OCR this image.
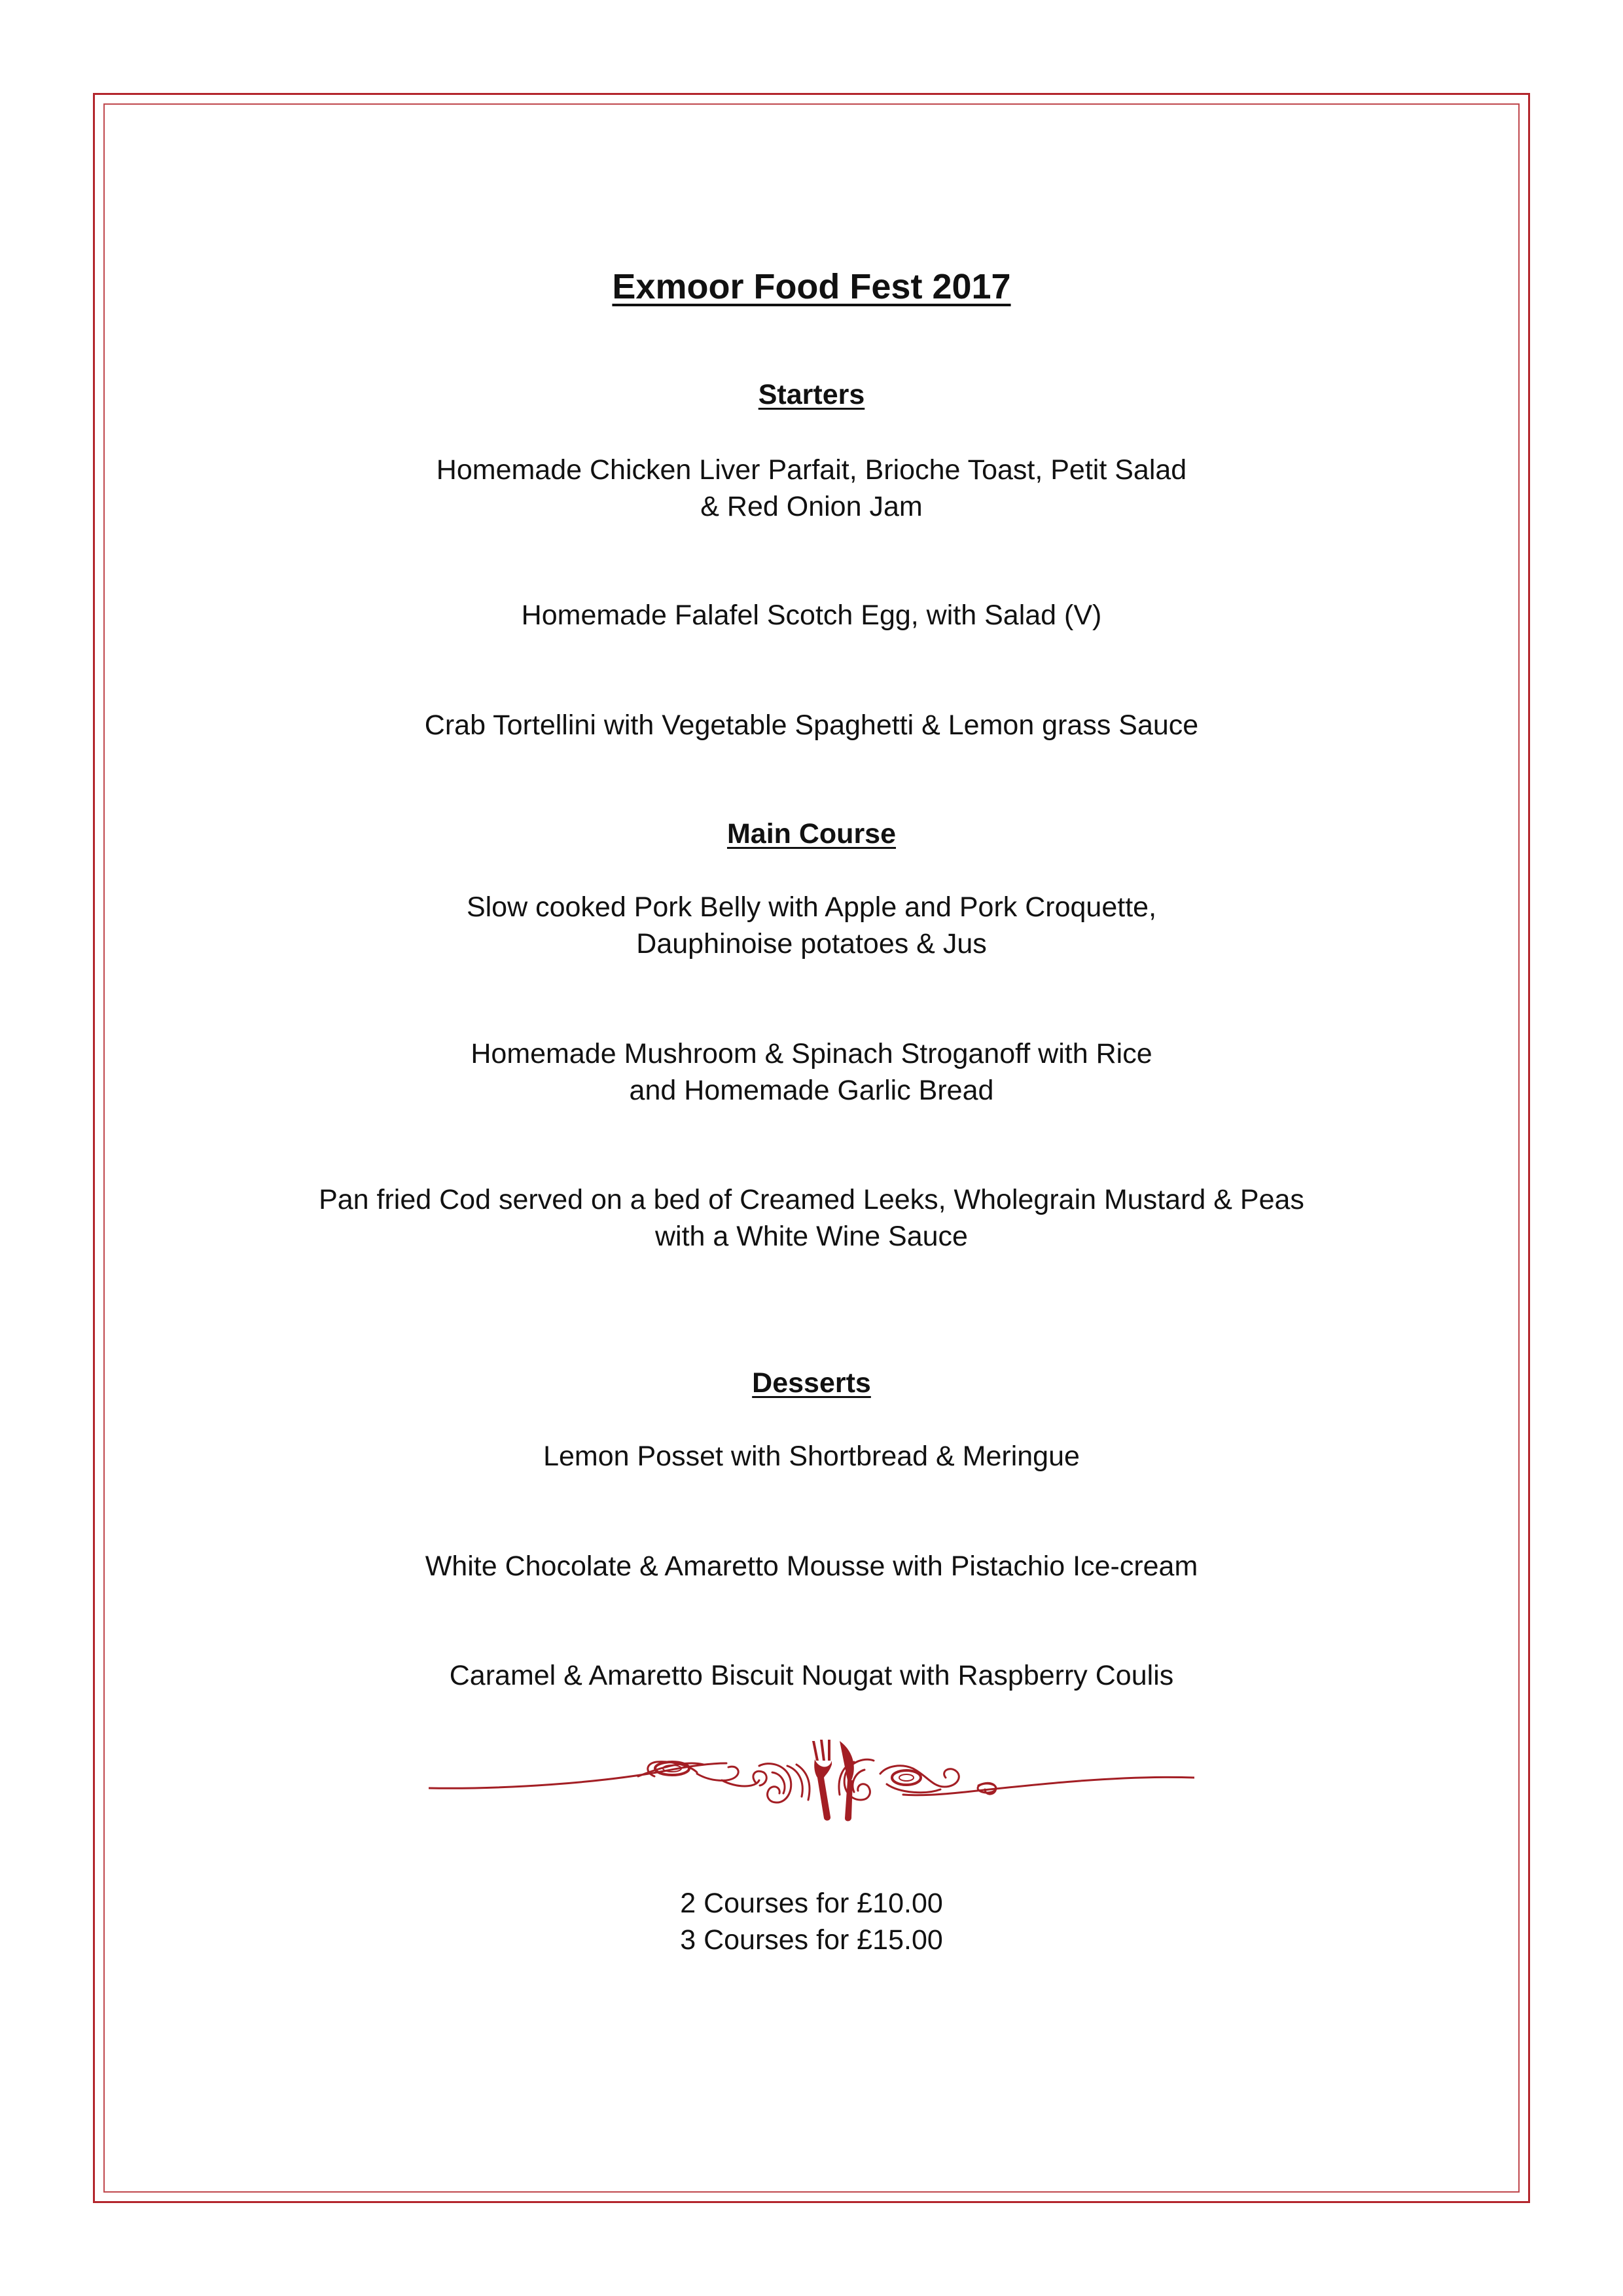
Exmoor Food Fest 2017
Starters
Homemade Chicken Liver Parfait, Brioche Toast, Petit Salad
& Red Onion Jam
Homemade Falafel Scotch Egg, with Salad (V)
Crab Tortellini with Vegetable Spaghetti & Lemon grass Sauce
Main Course
Slow cooked Pork Belly with Apple and Pork Croquette,
Dauphinoise potatoes & Jus
Homemade Mushroom & Spinach Stroganoff with Rice
and Homemade Garlic Bread
Pan fried Cod served on a bed of Creamed Leeks, Wholegrain Mustard & Peas
with a White Wine Sauce
Desserts
Lemon Posset with Shortbread & Meringue
White Chocolate & Amaretto Mousse with Pistachio Ice-cream
Caramel & Amaretto Biscuit Nougat with Raspberry Coulis
2 Courses for £10.00
3 Courses for £15.00
